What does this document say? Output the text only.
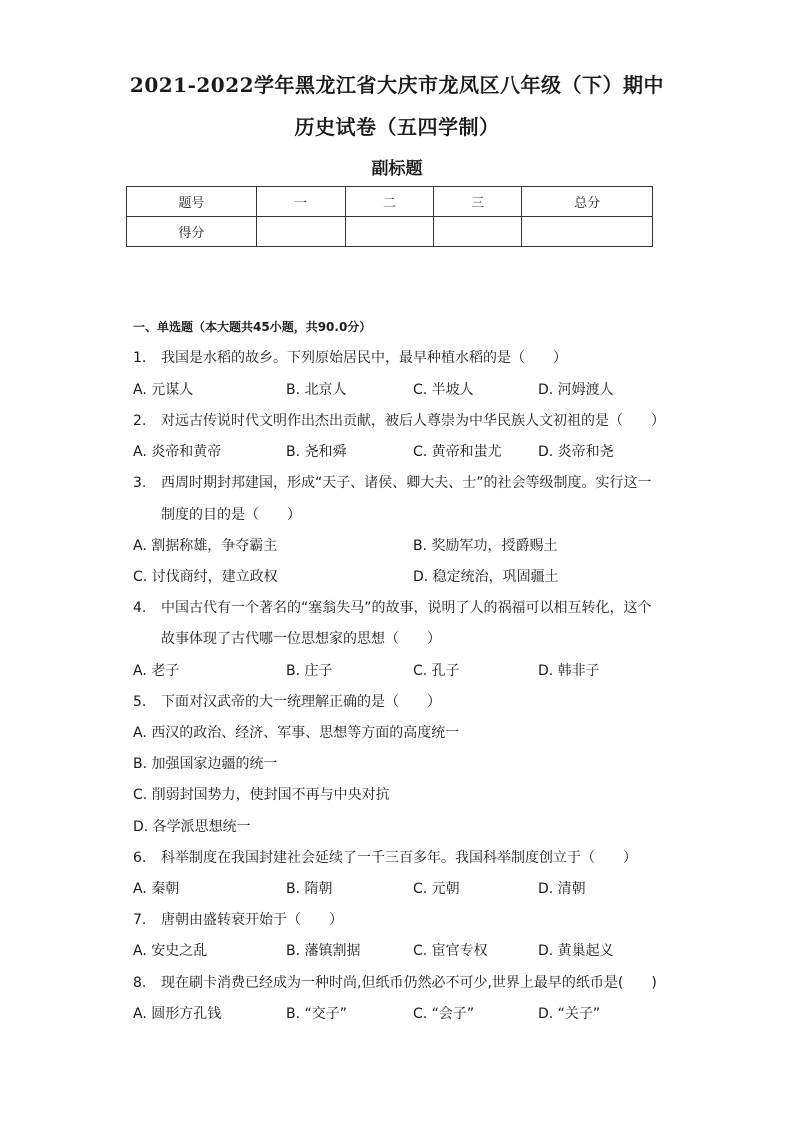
2021-2022学年黑龙江省大庆市龙凤区八年级（下）期中
历史试卷（五四学制）
副标题
题号	一	二	三	总分
得分				
一、单选题（本大题共45小题，共90.0分）
1. 我国是水稻的故乡。下列原始居民中，最早种植水稻的是（　　）
A. 元谋人	B. 北京人	C. 半坡人	D. 河姆渡人
2. 对远古传说时代文明作出杰出贡献，被后人尊崇为中华民族人文初祖的是（　　）
A. 炎帝和黄帝	B. 尧和舜	C. 黄帝和蚩尤	D. 炎帝和尧
3. 西周时期封邦建国，形成“天子、诸侯、卿大夫、士”的社会等级制度。实行这一
制度的目的是（　　）
A. 割据称雄，争夺霸主	B. 奖励军功，授爵赐土
C. 讨伐商纣，建立政权	D. 稳定统治，巩固疆土
4. 中国古代有一个著名的“塞翁失马”的故事，说明了人的祸福可以相互转化，这个
故事体现了古代哪一位思想家的思想（　　）
A. 老子	B. 庄子	C. 孔子	D. 韩非子
5. 下面对汉武帝的大一统理解正确的是（　　）
A. 西汉的政治、经济、军事、思想等方面的高度统一
B. 加强国家边疆的统一
C. 削弱封国势力，使封国不再与中央对抗
D. 各学派思想统一
6. 科举制度在我国封建社会延续了一千三百多年。我国科举制度创立于（　　）
A. 秦朝	B. 隋朝	C. 元朝	D. 清朝
7. 唐朝由盛转衰开始于（　　）
A. 安史之乱	B. 藩镇割据	C. 宦官专权	D. 黄巢起义
8. 现在刷卡消费已经成为一种时尚,但纸币仍然必不可少,世界上最早的纸币是(　　)
A. 圆形方孔钱	B. “交子”	C. “会子”	D. “关子”
